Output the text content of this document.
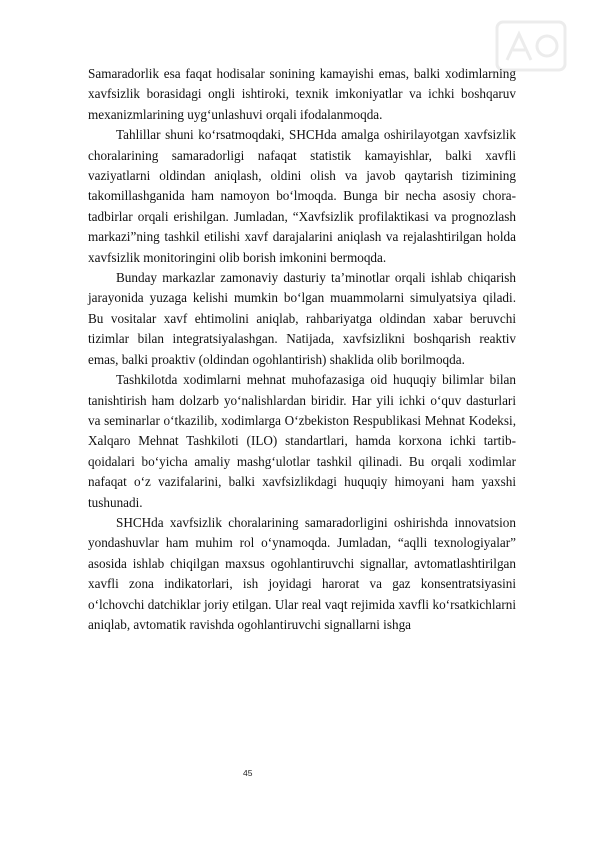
Samaradorlik esa faqat hodisalar sonining kamayishi emas, balki xodimlarning xavfsizlik borasidagi ongli ishtiroki, texnik imkoniyatlar va ichki boshqaruv mexanizmlarining uyg‘unlashuvi orqali ifodalanmoqda.

Tahlillar shuni ko‘rsatmoqdaki, SHCHda amalga oshirilayotgan xavfsizlik choralarining samaradorligi nafaqat statistik kamayishlar, balki xavfli vaziyatlarni oldindan aniqlash, oldini olish va javob qaytarish tizimining takomillashganida ham namoyon bo‘lmoqda. Bunga bir necha asosiy chora-tadbirlar orqali erishilgan. Jumladan, “Xavfsizlik profilaktikasi va prognozlash markazi”ning tashkil etilishi xavf darajalarini aniqlash va rejalashtirilgan holda xavfsizlik monitoringini olib borish imkonini bermoqda.

Bunday markazlar zamonaviy dasturiy ta’minotlar orqali ishlab chiqarish jarayonida yuzaga kelishi mumkin bo‘lgan muammolarni simulyatsiya qiladi. Bu vositalar xavf ehtimolini aniqlab, rahbariyatga oldindan xabar beruvchi tizimlar bilan integratsiyalashgan. Natijada, xavfsizlikni boshqarish reaktiv emas, balki proaktiv (oldindan ogohlantirish) shaklida olib borilmoqda.

Tashkilotda xodimlarni mehnat muhofazasiga oid huquqiy bilimlar bilan tanishtirish ham dolzarb yo‘nalishlardan biridir. Har yili ichki o‘quv dasturlari va seminarlar o‘tkazilib, xodimlarga O‘zbekiston Respublikasi Mehnat Kodeksi, Xalqaro Mehnat Tashkiloti (ILO) standartlari, hamda korxona ichki tartib-qoidalari bo‘yicha amaliy mashg‘ulotlar tashkil qilinadi. Bu orqali xodimlar nafaqat o‘z vazifalarini, balki xavfsizlikdagi huquqiy himoyani ham yaxshi tushunadi.

SHCHda xavfsizlik choralarining samaradorligini oshirishda innovatsion yondashuvlar ham muhim rol o‘ynamoqda. Jumladan, “aqlli texnologiyalar” asosida ishlab chiqilgan maxsus ogohlantiruvchi signallar, avtomatlashtirilgan xavfli zona indikatorlari, ish joyidagi harorat va gaz konsentratsiyasini o‘lchovchi datchiklar joriy etilgan. Ular real vaqt rejimida xavfli ko‘rsatkichlarni aniqlab, avtomatik ravishda ogohlantiruvchi signallarni ishga

45
